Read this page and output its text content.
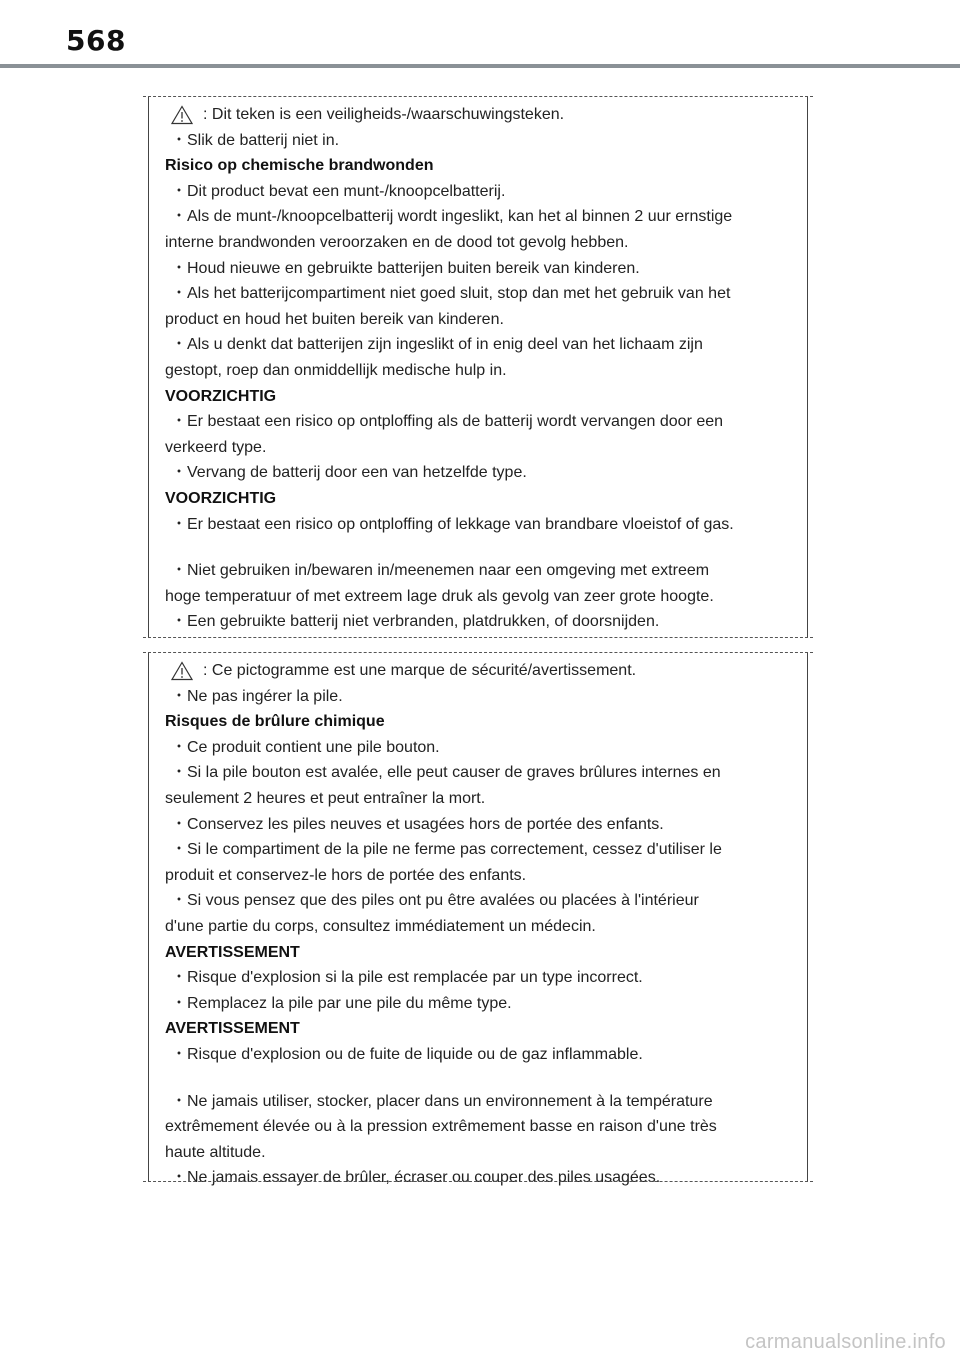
568
: Dit teken is een veiligheids-/waarschuwingsteken.
・Slik de batterij niet in.
Risico op chemische brandwonden
・Dit product bevat een munt-/knoopcelbatterij.
・Als de munt-/knoopcelbatterij wordt ingeslikt, kan het al binnen 2 uur ernstige
interne brandwonden veroorzaken en de dood tot gevolg hebben.
・Houd nieuwe en gebruikte batterijen buiten bereik van kinderen.
・Als het batterijcompartiment niet goed sluit, stop dan met het gebruik van het
product en houd het buiten bereik van kinderen.
・Als u denkt dat batterijen zijn ingeslikt of in enig deel van het lichaam zijn
gestopt, roep dan onmiddellijk medische hulp in.
VOORZICHTIG
・Er bestaat een risico op ontploffing als de batterij wordt vervangen door een
verkeerd type.
・Vervang de batterij door een van hetzelfde type.
VOORZICHTIG
・Er bestaat een risico op ontploffing of lekkage van brandbare vloeistof of gas.
・Niet gebruiken in/bewaren in/meenemen naar een omgeving met extreem
hoge temperatuur of met extreem lage druk als gevolg van zeer grote hoogte.
・Een gebruikte batterij niet verbranden, platdrukken, of doorsnijden.
: Ce pictogramme est une marque de sécurité/avertissement.
・Ne pas ingérer la pile.
Risques de brûlure chimique
・Ce produit contient une pile bouton.
・Si la pile bouton est avalée, elle peut causer de graves brûlures internes en
seulement 2 heures et peut entraîner la mort.
・Conservez les piles neuves et usagées hors de portée des enfants.
・Si le compartiment de la pile ne ferme pas correctement, cessez d'utiliser le
produit et conservez-le hors de portée des enfants.
・Si vous pensez que des piles ont pu être avalées ou placées à l'intérieur
d'une partie du corps, consultez immédiatement un médecin.
AVERTISSEMENT
・Risque d'explosion si la pile est remplacée par un type incorrect.
・Remplacez la pile par une pile du même type.
AVERTISSEMENT
・Risque d'explosion ou de fuite de liquide ou de gaz inflammable.
・Ne jamais utiliser, stocker, placer dans un environnement à la température
extrêmement élevée ou à la pression extrêmement basse en raison d'une très
haute altitude.
・Ne jamais essayer de brûler, écraser ou couper des piles usagées.
carmanualsonline.info
